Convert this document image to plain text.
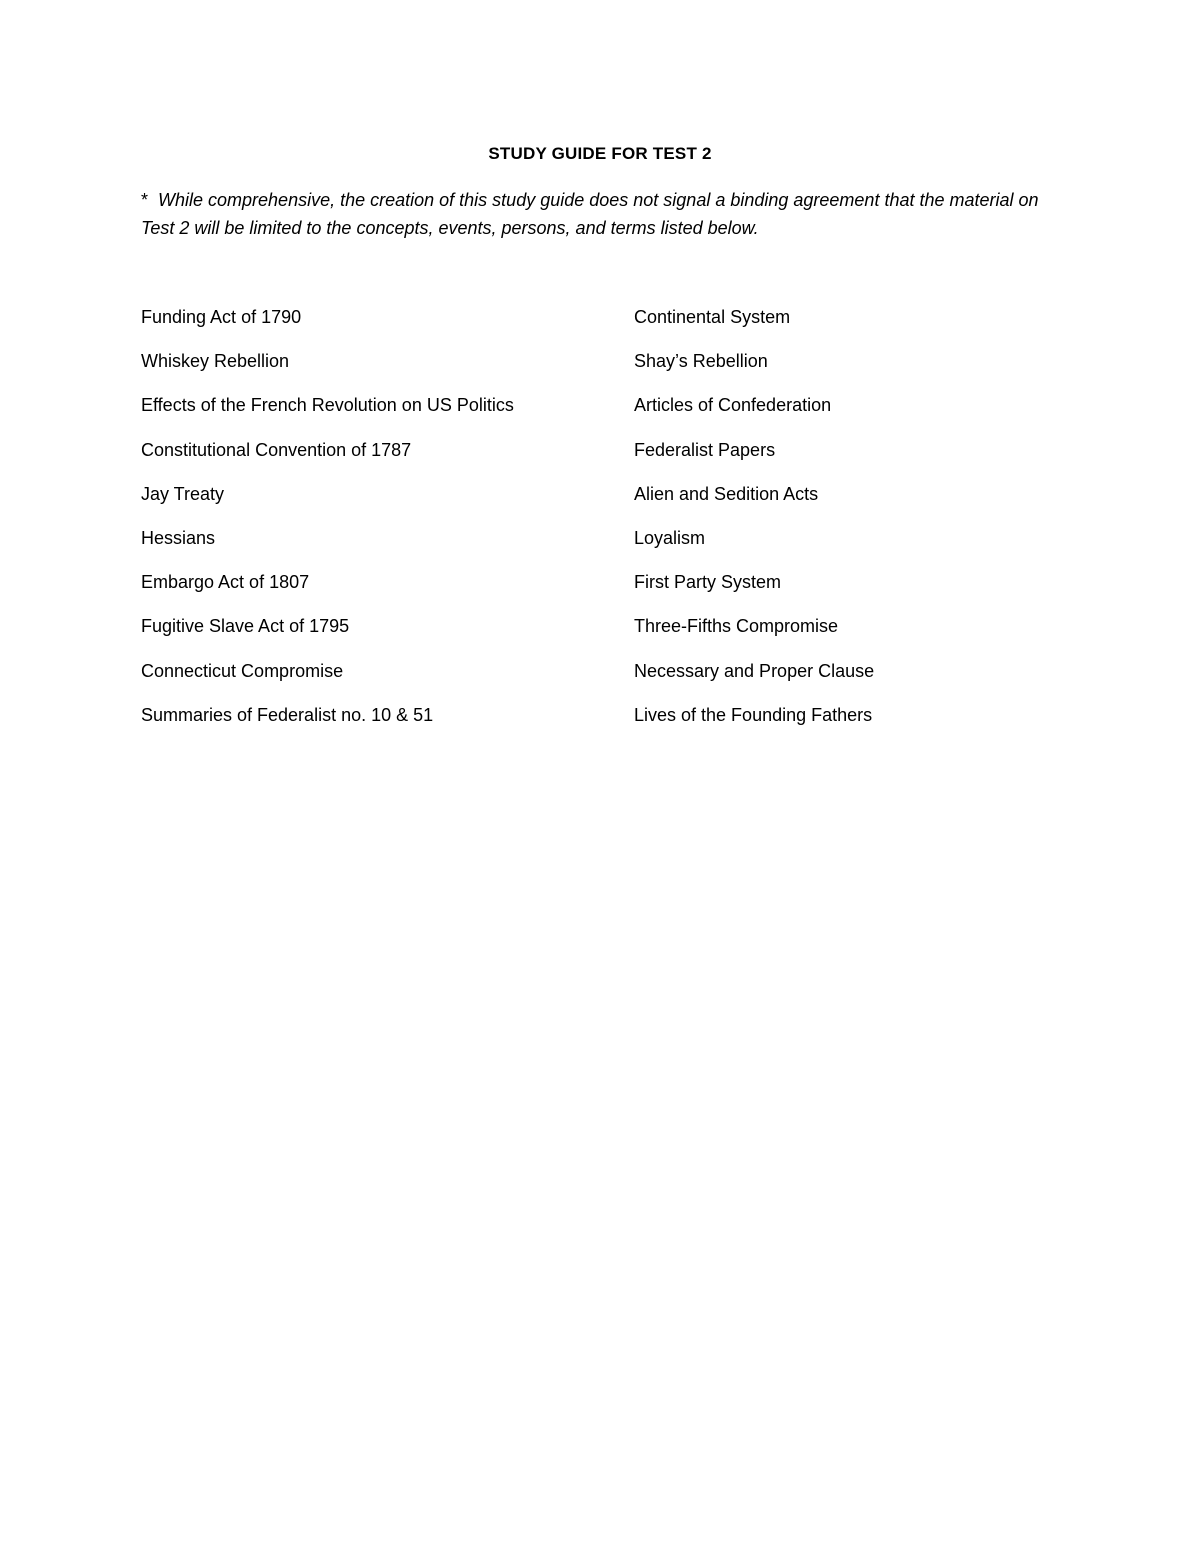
STUDY GUIDE FOR TEST 2
* While comprehensive, the creation of this study guide does not signal a binding agreement that the material on Test 2 will be limited to the concepts, events, persons, and terms listed below.
Funding Act of 1790
Whiskey Rebellion
Effects of the French Revolution on US Politics
Constitutional Convention of 1787
Jay Treaty
Hessians
Embargo Act of 1807
Fugitive Slave Act of 1795
Connecticut Compromise
Summaries of Federalist no. 10 & 51
Continental System
Shay’s Rebellion
Articles of Confederation
Federalist Papers
Alien and Sedition Acts
Loyalism
First Party System
Three-Fifths Compromise
Necessary and Proper Clause
Lives of the Founding Fathers
